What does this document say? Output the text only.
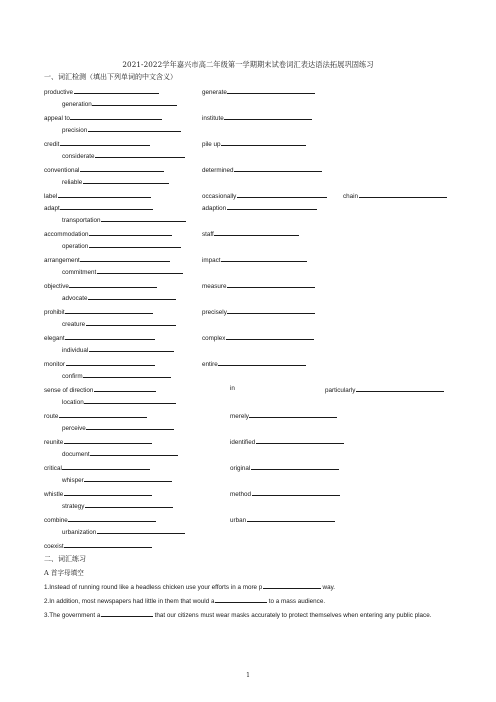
2021-2022学年嘉兴市高二年级第一学期期末试卷词汇表达语法拓展巩固练习
一、词汇检测（填出下列单词的中文含义）
productive	generate
generation
appeal to	institute
precision
credit	pile up
considerate
conventional	determined
reliable
label	occasionally	chain
adapt	adaption
transportation
accommodation	staff
operation
arrangement	impact
commitment
objective	measure
advocate
prohibit	precisely
creature
elegant	complex
individual
monitor	entire
confirm
sense of direction	in	particularly
location
route	merely
perceive
reunite	identified
document
critical	original
whisper
whistle	method
strategy
combine	urban
urbanization
coexist
二、词汇练习
A 首字母填空
1.Instead of running round like a headless chicken use your efforts in a more p	way.
2.In addition, most newspapers had little in them that would a	to a mass audience.
3.The government a	that our citizens must wear masks accurately to protect themselves when entering any public place.
1
